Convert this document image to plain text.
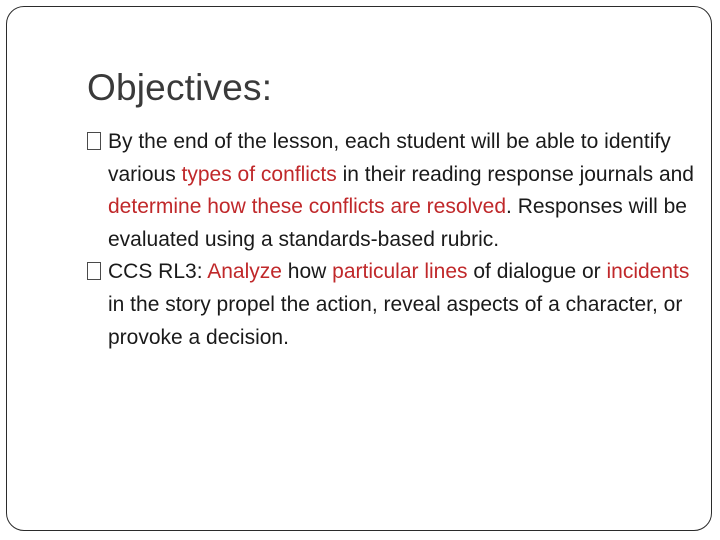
Objectives:
By the end of the lesson, each student will be able to identify various types of conflicts in their reading response journals and determine how these conflicts are resolved. Responses will be evaluated using a standards-based rubric.
CCS RL3: Analyze how particular lines of dialogue or incidents in the story propel the action, reveal aspects of a character, or provoke a decision.
